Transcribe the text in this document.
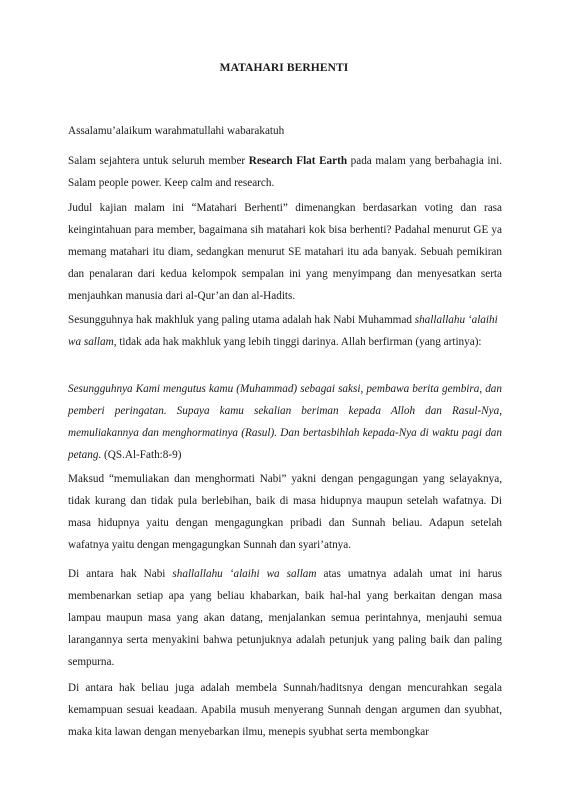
MATAHARI BERHENTI

Assalamu’alaikum warahmatullahi wabarakatuh

Salam sejahtera untuk seluruh member Research Flat Earth pada malam yang berbahagia ini. Salam people power. Keep calm and research.

Judul kajian malam ini “Matahari Berhenti” dimenangkan berdasarkan voting dan rasa keingintahuan para member, bagaimana sih matahari kok bisa berhenti? Padahal menurut GE ya memang matahari itu diam, sedangkan menurut SE matahari itu ada banyak. Sebuah pemikiran dan penalaran dari kedua kelompok sempalan ini yang menyimpang dan menyesatkan serta menjauhkan manusia dari al-Qur’an dan al-Hadits.

Sesungguhnya hak makhluk yang paling utama adalah hak Nabi Muhammad shallallahu ‘alaihi wa sallam, tidak ada hak makhluk yang lebih tinggi darinya. Allah berfirman (yang artinya):

Sesungguhnya Kami mengutus kamu (Muhammad) sebagai saksi, pembawa berita gembira, dan pemberi peringatan. Supaya kamu sekalian beriman kepada Alloh dan Rasul-Nya, memuliakannya dan menghormatinya (Rasul). Dan bertasbihlah kepada-Nya di waktu pagi dan petang. (QS.Al-Fath:8-9)

Maksud “memuliakan dan menghormati Nabi” yakni dengan pengagungan yang selayaknya, tidak kurang dan tidak pula berlebihan, baik di masa hidupnya maupun setelah wafatnya. Di masa hidupnya yaitu dengan mengagungkan pribadi dan Sunnah beliau. Adapun setelah wafatnya yaitu dengan mengagungkan Sunnah dan syari’atnya.

Di antara hak Nabi shallallahu ‘alaihi wa sallam atas umatnya adalah umat ini harus membenarkan setiap apa yang beliau khabarkan, baik hal-hal yang berkaitan dengan masa lampau maupun masa yang akan datang, menjalankan semua perintahnya, menjauhi semua larangannya serta menyakini bahwa petunjuknya adalah petunjuk yang paling baik dan paling sempurna.

Di antara hak beliau juga adalah membela Sunnah/haditsnya dengan mencurahkan segala kemampuan sesuai keadaan. Apabila musuh menyerang Sunnah dengan argumen dan syubhat, maka kita lawan dengan menyebarkan ilmu, menepis syubhat serta membongkar
